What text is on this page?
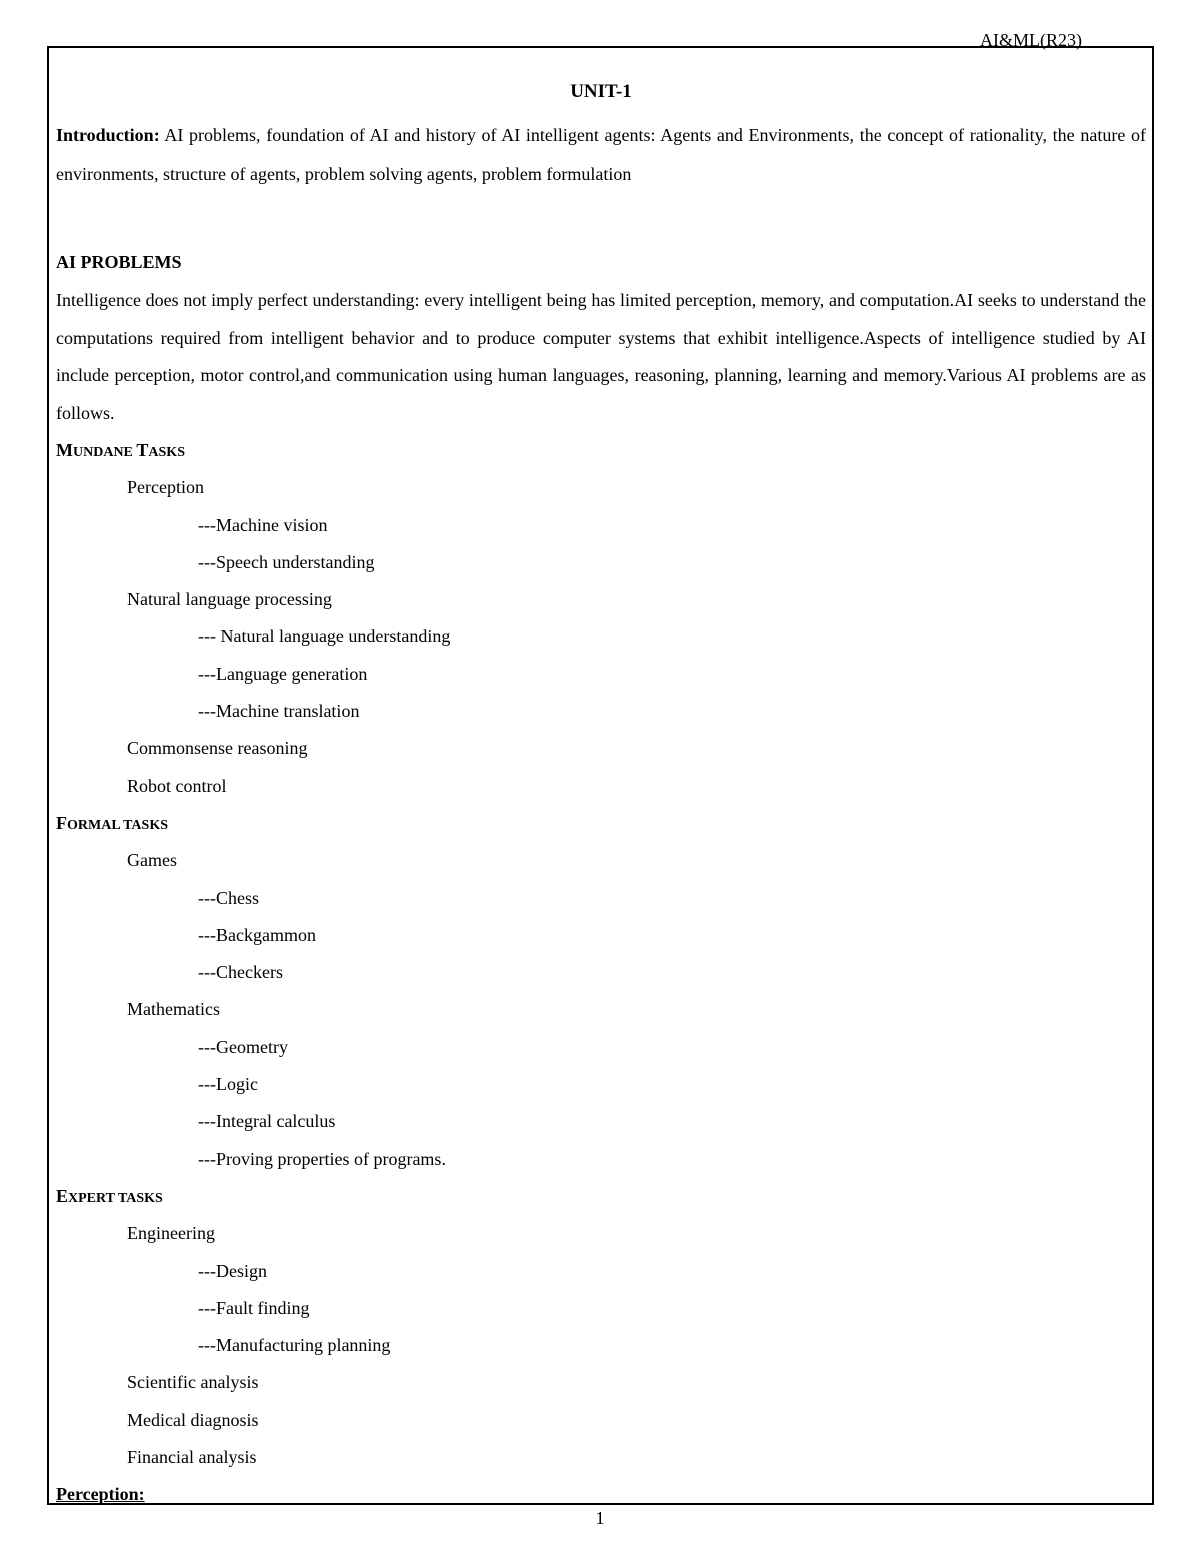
AI&ML(R23)
UNIT-1

Introduction: AI problems, foundation of AI and history of AI intelligent agents: Agents and Environments, the concept of rationality, the nature of environments, structure of agents, problem solving agents, problem formulation

AI PROBLEMS

Intelligence does not imply perfect understanding: every intelligent being has limited perception, memory, and computation.AI seeks to understand the computations required from intelligent behavior and to produce computer systems that exhibit intelligence.Aspects of intelligence studied by AI include perception, motor control,and communication using human languages, reasoning, planning, learning and memory.Various AI problems are as follows.

MUNDANE TASKS
Perception
---Machine vision
---Speech understanding
Natural language processing
--- Natural language understanding
---Language generation
---Machine translation
Commonsense reasoning
Robot control
FORMAL TASKS
Games
---Chess
---Backgammon
---Checkers
Mathematics
---Geometry
---Logic
---Integral calculus
---Proving properties of programs.
EXPERT TASKS
Engineering
---Design
---Fault finding
---Manufacturing planning
Scientific analysis
Medical diagnosis
Financial analysis
Perception:
1
